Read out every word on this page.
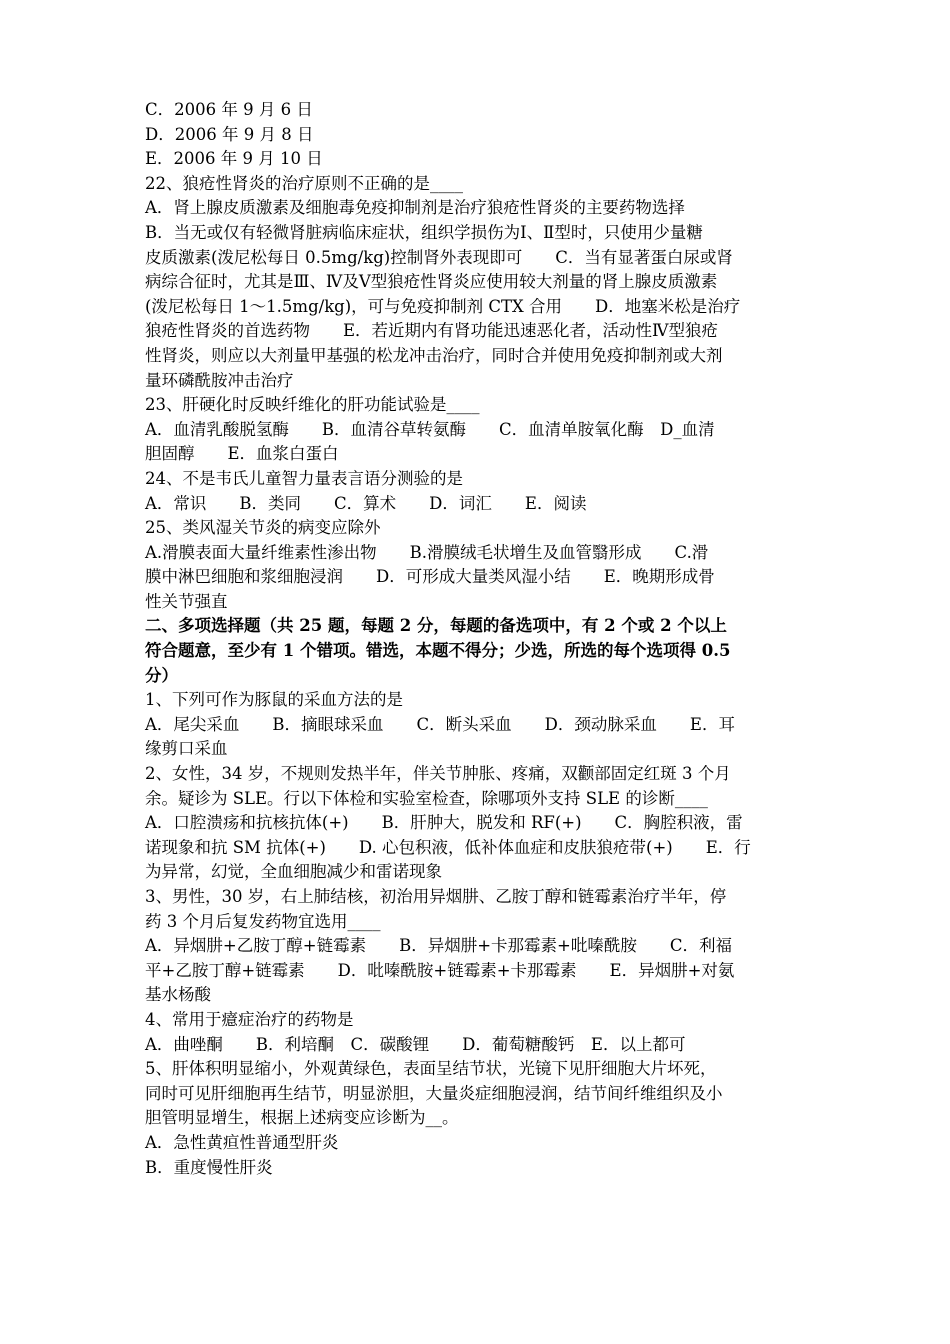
C．2006 年 9 月 6 日
D．2006 年 9 月 8 日
E．2006 年 9 月 10 日
22、狼疮性肾炎的治疗原则不正确的是____
A．肾上腺皮质激素及细胞毒免疫抑制剂是治疗狼疮性肾炎的主要药物选择
B．当无或仅有轻微肾脏病临床症状，组织学损伤为Ⅰ、Ⅱ型时，只使用少量糖
皮质激素(泼尼松每日 0.5mg/kg)控制肾外表现即可　　C．当有显著蛋白尿或肾
病综合征时，尤其是Ⅲ、Ⅳ及Ⅴ型狼疮性肾炎应使用较大剂量的肾上腺皮质激素
(泼尼松每日 1～1.5mg/kg)，可与免疫抑制剂 CTX 合用　　D．地塞米松是治疗
狼疮性肾炎的首选药物　　E．若近期内有肾功能迅速恶化者，活动性Ⅳ型狼疮
性肾炎，则应以大剂量甲基强的松龙冲击治疗，同时合并使用免疫抑制剂或大剂
量环磷酰胺冲击治疗
23、肝硬化时反映纤维化的肝功能试验是____
A．血清乳酸脱氢酶　　B．血清谷草转氨酶　　C．血清单胺氧化酶　D_血清
胆固醇　　E．血浆白蛋白
24、不是韦氏儿童智力量表言语分测验的是
A．常识　　B．类同　　C．算术　　D．词汇　　E．阅读
25、类风湿关节炎的病变应除外
A.滑膜表面大量纤维素性渗出物　　B.滑膜绒毛状增生及血管翳形成　　C.滑
膜中淋巴细胞和浆细胞浸润　　D．可形成大量类风湿小结　　E．晚期形成骨
性关节强直
二、多项选择题（共 25 题，每题 2 分，每题的备选项中，有 2 个或 2 个以上
符合题意，至少有 1 个错项。错选，本题不得分；少选，所选的每个选项得 0.5
分）
1、下列可作为豚鼠的采血方法的是
A．尾尖采血　　B．摘眼球采血　　C．断头采血　　D．颈动脉采血　　E．耳
缘剪口采血
2、女性，34 岁，不规则发热半年，伴关节肿胀、疼痛，双颧部固定红斑 3 个月
余。疑诊为 SLE。行以下体检和实验室检查，除哪项外支持 SLE 的诊断____
A．口腔溃疡和抗核抗体(+)　　B．肝肿大，脱发和 RF(+)　　C．胸腔积液，雷
诺现象和抗 SM 抗体(+)　　D. 心包积液，低补体血症和皮肤狼疮带(+)　　E．行
为异常，幻觉，全血细胞减少和雷诺现象
3、男性，30 岁，右上肺结核，初治用异烟肼、乙胺丁醇和链霉素治疗半年，停
药 3 个月后复发药物宜选用____
A．异烟肼+乙胺丁醇+链霉素　　B．异烟肼+卡那霉素+吡嗪酰胺　　C．利福
平+乙胺丁醇+链霉素　　D．吡嗪酰胺+链霉素+卡那霉素　　E．异烟肼+对氨
基水杨酸
4、常用于癔症治疗的药物是
A．曲唑酮　　B．利培酮　C．碳酸锂　　D．葡萄糖酸钙　E．以上都可
5、肝体积明显缩小，外观黄绿色，表面呈结节状，光镜下见肝细胞大片坏死，
同时可见肝细胞再生结节，明显淤胆，大量炎症细胞浸润，结节间纤维组织及小
胆管明显增生，根据上述病变应诊断为__。
A．急性黄疸性普通型肝炎
B．重度慢性肝炎
